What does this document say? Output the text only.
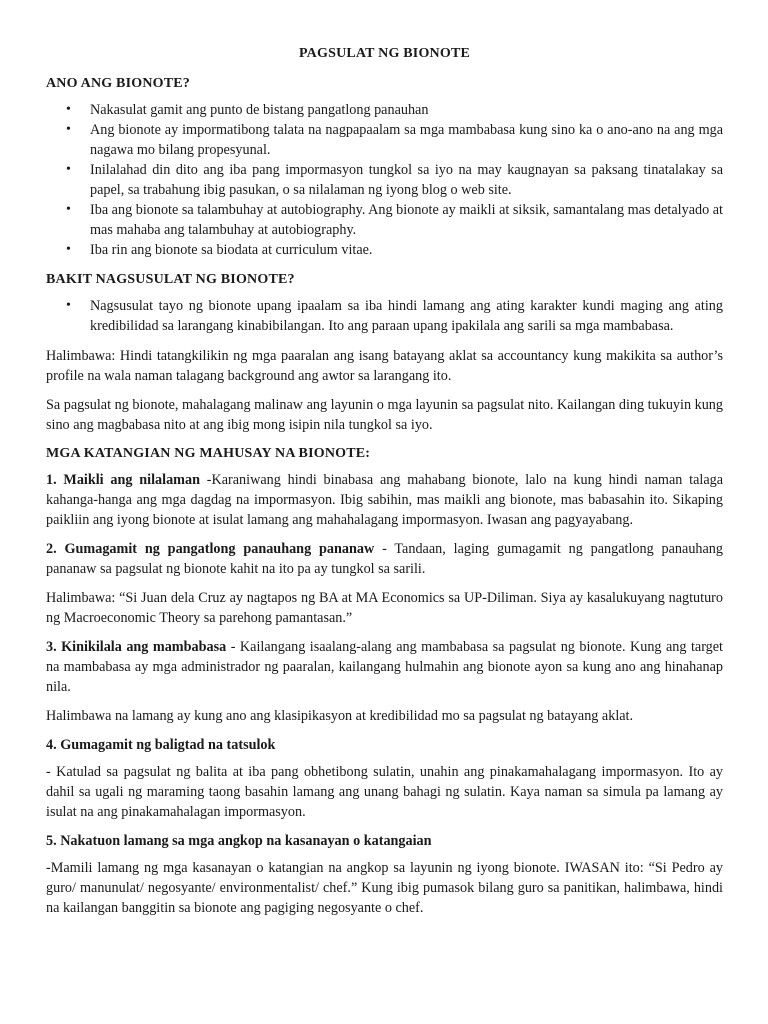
PAGSULAT NG BIONOTE
ANO ANG BIONOTE?
• Nakasulat gamit ang punto de bistang pangatlong panauhan
• Ang bionote ay impormatibong talata na nagpapaalam sa mga mambabasa kung sino ka o ano-ano na ang mga nagawa mo bilang propesyunal.
• Inilalahad din dito ang iba pang impormasyon tungkol sa iyo na may kaugnayan sa paksang tinatalakay sa papel, sa trabahung ibig pasukan, o sa nilalaman ng iyong blog o web site.
• Iba ang bionote sa talambuhay at autobiography. Ang bionote ay maikli at siksik, samantalang mas detalyado at mas mahaba ang talambuhay at autobiography.
• Iba rin ang bionote sa biodata at curriculum vitae.
BAKIT NAGSUSULAT NG BIONOTE?
• Nagsusulat tayo ng bionote upang ipaalam sa iba hindi lamang ang ating karakter kundi maging ang ating kredibilidad sa larangang kinabibilangan. Ito ang paraan upang ipakilala ang sarili sa mga mambabasa.

Halimbawa: Hindi tatangkilikin ng mga paaralan ang isang batayang aklat sa accountancy kung makikita sa author’s profile na wala naman talagang background ang awtor sa larangang ito.

Sa pagsulat ng bionote, mahalagang malinaw ang layunin o mga layunin sa pagsulat nito. Kailangan ding tukuyin kung sino ang magbabasa nito at ang ibig mong isipin nila tungkol sa iyo.

MGA KATANGIAN NG MAHUSAY NA BIONOTE:

1. Maikli ang nilalaman -Karaniwang hindi binabasa ang mahabang bionote, lalo na kung hindi naman talaga kahanga-hanga ang mga dagdag na impormasyon. Ibig sabihin, mas maikli ang bionote, mas babasahin ito. Sikaping paikliin ang iyong bionote at isulat lamang ang mahahalagang impormasyon. Iwasan ang pagyayabang.

2. Gumagamit ng pangatlong panauhang pananaw - Tandaan, laging gumagamit ng pangatlong panauhang pananaw sa pagsulat ng bionote kahit na ito pa ay tungkol sa sarili.

Halimbawa: “Si Juan dela Cruz ay nagtapos ng BA at MA Economics sa UP-Diliman. Siya ay kasalukuyang nagtuturo ng Macroeconomic Theory sa parehong pamantasan.”

3. Kinikilala ang mambabasa - Kailangang isaalang-alang ang mambabasa sa pagsulat ng bionote. Kung ang target na mambabasa ay mga administrador ng paaralan, kailangang hulmahin ang bionote ayon sa kung ano ang hinahanap nila.

Halimbawa na lamang ay kung ano ang klasipikasyon at kredibilidad mo sa pagsulat ng batayang aklat.

4. Gumagamit ng baligtad na tatsulok

- Katulad sa pagsulat ng balita at iba pang obhetibong sulatin, unahin ang pinakamahalagang impormasyon. Ito ay dahil sa ugali ng maraming taong basahin lamang ang unang bahagi ng sulatin. Kaya naman sa simula pa lamang ay isulat na ang pinakamahalagan impormasyon.

5. Nakatuon lamang sa mga angkop na kasanayan o katangaian

-Mamili lamang ng mga kasanayan o katangian na angkop sa layunin ng iyong bionote. IWASAN ito: “Si Pedro ay guro/ manunulat/ negosyante/ environmentalist/ chef.” Kung ibig pumasok bilang guro sa panitikan, halimbawa, hindi na kailangan banggitin sa bionote ang pagiging negosyante o chef.
